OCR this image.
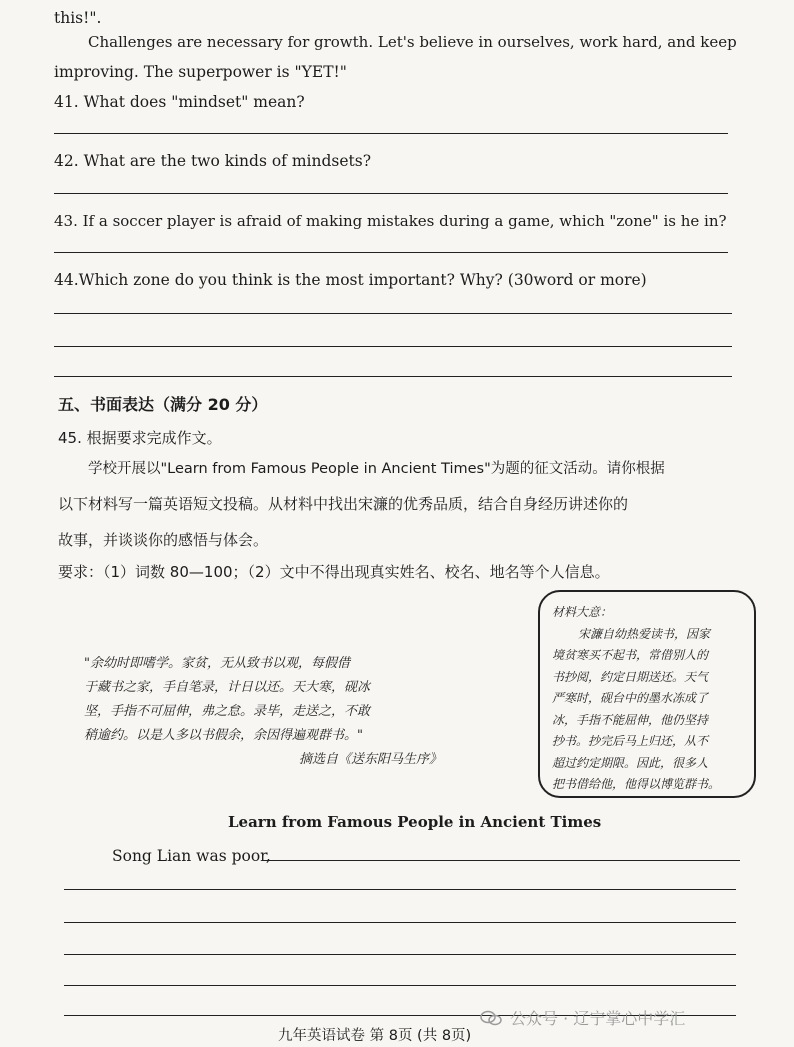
this!".
Challenges are necessary for growth. Let's believe in ourselves, work hard, and keep
improving. The superpower is "YET!"
41. What does "mindset" mean?
42. What are the two kinds of mindsets?
43. If a soccer player is afraid of making mistakes during a game, which "zone" is he in?
44.Which zone do you think is the most important? Why? (30word or more)
五、书面表达（满分 20 分）
45. 根据要求完成作文。
学校开展以"Learn from Famous People in Ancient Times"为题的征文活动。请你根据
以下材料写一篇英语短文投稿。从材料中找出宋濂的优秀品质，结合自身经历讲述你的
故事，并谈谈你的感悟与体会。
要求：（1）词数 80—100；（2）文中不得出现真实姓名、校名、地名等个人信息。
"余幼时即嗜学。家贫，无从致书以观，每假借
于藏书之家，手自笔录，计日以还。天大寒，砚冰
坚，手指不可屈伸，弗之怠。录毕，走送之，不敢
稍逾约。以是人多以书假余，余因得遍观群书。"
摘选自《送东阳马生序》
材料大意：
宋濂自幼热爱读书，因家
境贫寒买不起书，常借别人的
书抄阅，约定日期送还。天气
严寒时，砚台中的墨水冻成了
冰，手指不能屈伸，他仍坚持
抄书。抄完后马上归还，从不
超过约定期限。因此，很多人
把书借给他，他得以博览群书。
Learn from Famous People in Ancient Times
Song Lian was poor,
公众号 · 辽宁掌心中学汇
九年英语试卷 第 8页 (共 8页)
